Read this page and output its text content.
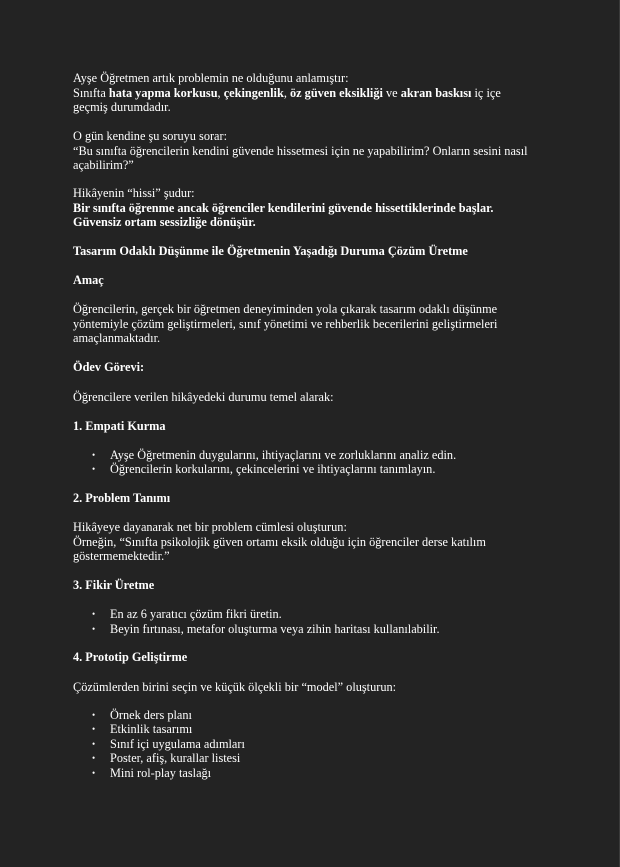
Ayşe Öğretmen artık problemin ne olduğunu anlamıştır:

Sınıfta hata yapma korkusu, çekingenlik, öz güven eksikliği ve akran baskısı iç içe

geçmiş durumdadır.

O gün kendine şu soruyu sorar:

“Bu sınıfta öğrencilerin kendini güvende hissetmesi için ne yapabilirim? Onların sesini nasıl

açabilirim?”

Hikâyenin “hissi” şudur:

Bir sınıfta öğrenme ancak öğrenciler kendilerini güvende hissettiklerinde başlar.

Güvensiz ortam sessizliğe dönüşür.

Tasarım Odaklı Düşünme ile Öğretmenin Yaşadığı Duruma Çözüm Üretme

Amaç

Öğrencilerin, gerçek bir öğretmen deneyiminden yola çıkarak tasarım odaklı düşünme

yöntemiyle çözüm geliştirmeleri, sınıf yönetimi ve rehberlik becerilerini geliştirmeleri

amaçlanmaktadır.

Ödev Görevi:

Öğrencilere verilen hikâyedeki durumu temel alarak:

1. Empati Kurma

• Ayşe Öğretmenin duygularını, ihtiyaçlarını ve zorluklarını analiz edin.

• Öğrencilerin korkularını, çekincelerini ve ihtiyaçlarını tanımlayın.

2. Problem Tanımı

Hikâyeye dayanarak net bir problem cümlesi oluşturun:

Örneğin, “Sınıfta psikolojik güven ortamı eksik olduğu için öğrenciler derse katılım

göstermemektedir.”

3. Fikir Üretme

• En az 6 yaratıcı çözüm fikri üretin.

• Beyin fırtınası, metafor oluşturma veya zihin haritası kullanılabilir.

4. Prototip Geliştirme

Çözümlerden birini seçin ve küçük ölçekli bir “model” oluşturun:

• Örnek ders planı

• Etkinlik tasarımı

• Sınıf içi uygulama adımları

• Poster, afiş, kurallar listesi

• Mini rol-play taslağı
